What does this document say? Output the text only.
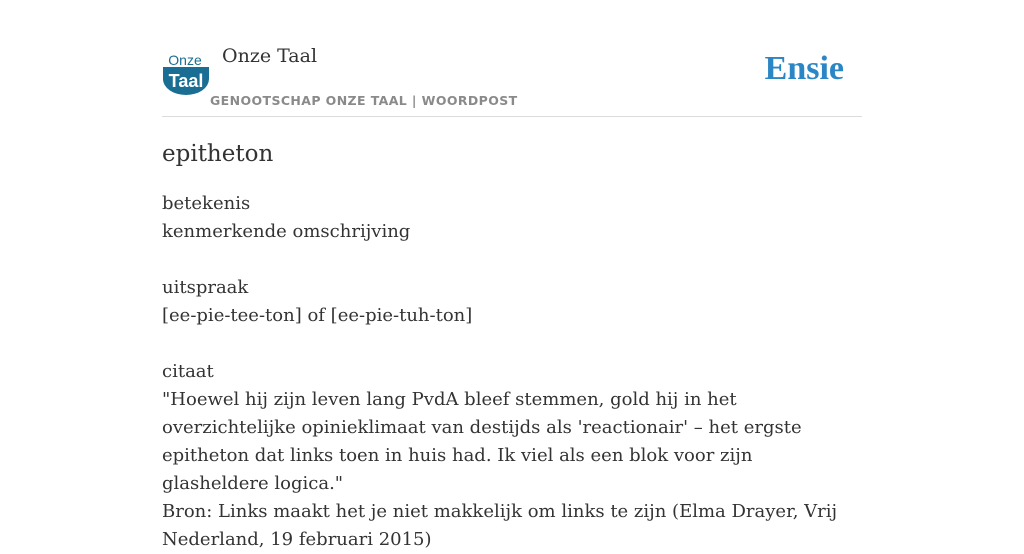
Onze
Taal
Onze Taal
GENOOTSCHAP ONZE TAAL | WOORDPOST
Ensie
epitheton
betekenis
kenmerkende omschrijving
uitspraak
[ee-pie-tee-ton] of [ee-pie-tuh-ton]
citaat
"Hoewel hij zijn leven lang PvdA bleef stemmen, gold hij in het overzichtelijke opinieklimaat van destijds als 'reactionair' – het ergste epitheton dat links toen in huis had. Ik viel als een blok voor zijn glasheldere logica."
Bron: Links maakt het je niet makkelijk om links te zijn (Elma Drayer, Vrij Nederland, 19 februari 2015)
